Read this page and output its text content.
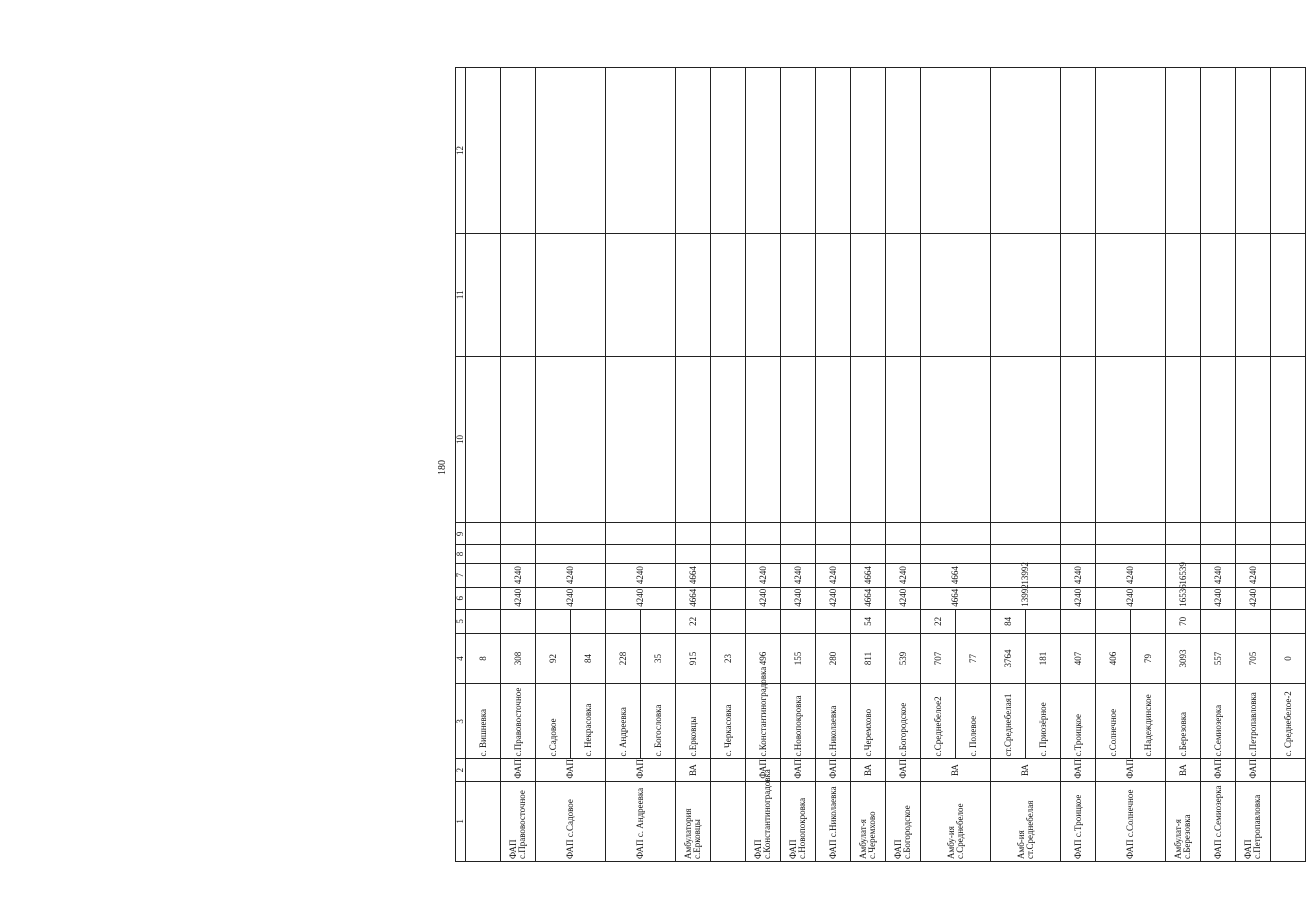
180
1	2	3	4	5	6	7	8	9	10	11	12
		с. Вишневка	8								
ФАП с.Правовосточное	ФАП	с.Правовосточное	308		4240	4240					
ФАП с.Садовое	ФАП	с.Садовое	92		4240	4240					
		с. Некрасовка	84								
ФАП с. Андреевка	ФАП	с. Андреевка	228		4240	4240					
		с. Богословка	35								
Амбулатория с.Ерковцы	ВА	с.Ерковцы	915	22	4664	4664					
		с. Черкасовка	23								
ФАП с.Константиноградовка	ФАП	с.Константиноградовка	496		4240	4240					
ФАП с.Новопокровка	ФАП	с.Новопокровка	155		4240	4240					
ФАП с.Николаевка	ФАП	с.Николаевка	280		4240	4240					
Амбулат-я с.Черемхово	ВА	с.Черемхово	811	54	4664	4664					
ФАП с.Богородское	ФАП	с.Богородское	539		4240	4240					
Амбу-ия с.Среднебелое	ВА	с.Среднебелое2	707	22	4664	4664					
		с. Полевое	77								
Амб-ия ст.Среднебелая	ВА	ст.Среднебелая1	3764	84	13992	13992					
		с. Приозёрное	181								
ФАП с.Троицкое	ФАП	с.Троицкое	407		4240	4240					
ФАП с.Солнечное	ФАП	с.Солнечное	406		4240	4240					
		с.Надеждинское	79								
Амбулат-я с.Березовка	ВА	с.Березовка	3093	70	16536	16539					
ФАП с.Семиозерка	ФАП	с.Семиозерка	557		4240	4240					
ФАП с.Петропавловка	ФАП	с.Петропавловка	705		4240	4240					
		с. Среднебелое-2	0								
